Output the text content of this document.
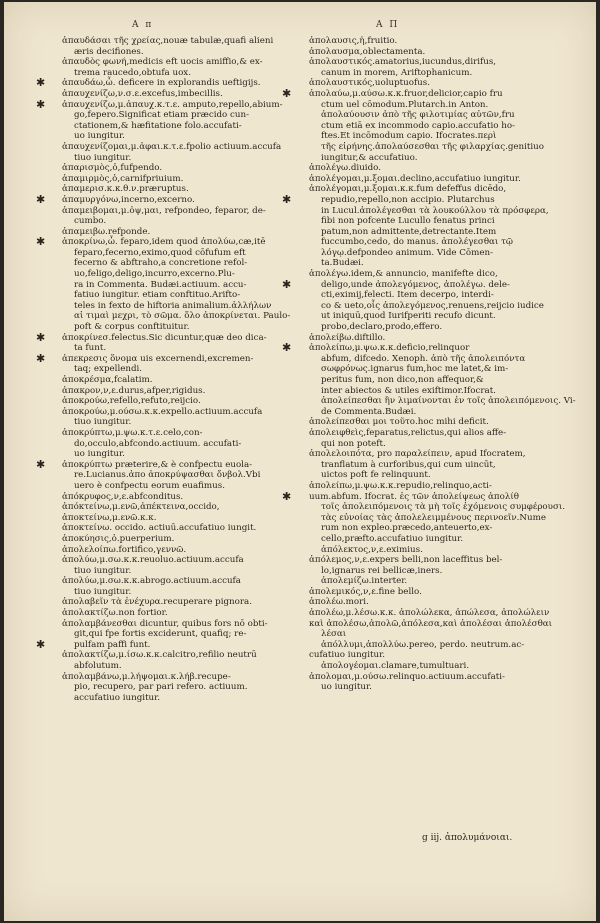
A π	A Π
ἀπαυδάσαι τῆς χρείας,nouæ tabulæ,quafi alieni
æris decifiones.
ἀπαυδὸς φωνή,medicis eft uocis amiffio,& ex-
trema raucedo,obtufa uox.
✱ ἀπαυδάω,ὦ. deficere in explorandis ueftigijs.
ἀπαυχενίζω,ν.σ.ε.excefus,imbecillis.
✱ ἀπαυχενίζω,μ.ἀπαυχ.κ.τ.ε. amputo,repello,abium-
go,fepero.Significat etiam præcido cun-
ctationem,& hæfitatione folo.accufati-
uo iungitur.
ἀπαυχενίζομαι,μ.ἀφαι.κ.τ.ε.fpolio actiuum.accufa
tiuo iungitur.
ἀπαρισμὸς,ὁ,fufpendo.
ἀπαμιρμὸς,ὁ,carnifpriuium.
ἀπαμερισ.κ.κ.θ.ν.præruptus.
✱ ἀπαμυργόνω,incerno,excerno.
ἀπαμειβομαι,μ.ὀψ,μαι, refpondeo, feparor, de-
cumbo.
ἀπαμειβω.refponde.
✱ ἀποκρίνω,ὦ. feparo,idem quod ἀπολύω,cæ,itē
feparo,fecerno,eximo,quod cōfufum eft
fecerno & abftraho,a concretione refol-
uo,feligo,deligo,incurro,excerno.Plu-
ra in Commenta. Budæi.actiuum. accu-
fatiuo iungitur. etiam conftituo.Arifto-
teles in fexto de hiftoria animalium.ἀλλήλων
αἱ τιμαὶ μεχρι, τὸ σῶμα. ὅλο ἀποκρίνεται. Paulo-
poft & corpus conftituitur.
✱ ἀποκρίνεσ.felectus.Sic dicuntur,quæ deo dica-
ta funt.
✱ ἀπεκρεσις ὅνομα uis excernendi,excremen-
taq; expellendi.
ἀποκρέσμα,fcalatim.
ἀπακρον,ν,ε.durus,afper,rigidus.
ἀποκρούω,refello,refuto,reijcio.
ἀποκρούω,μ.ούσω.κ.κ.expello.actiuum.accufa
tiuo iungitur.
ἀποκρύπτω,μ.ψω.κ.τ.ε.celo,con-
do,occulo,abfcondo.actiuum. accufati-
uo iungitur.
✱ ἀποκρύπτω præterire,& è confpectu euola-
re.Lucianus.ἀπο ἀποκρύψασθαι ὄνβολ.Vbi
uero è confpectu eorum euafimus.
ἀπόκρυφος,ν,ε.abfconditus.
ἀπόκτείνω,μ.ενῶ,ἀπέκτεινα,occido,
ἀποκτείνω,μ.ενῶ.κ.κ.
ἀποκτείνω. occido. actiuū.accufatiuo iungit.
ἀποκύησις,ὁ.puerperium.
ἀπολελοίπω.fortifico,γεννῶ.
ἀπολύω,μ.σω.κ.κ.reuoluo.actiuum.accufa
tiuo iungitur.
ἀπολύω,μ.σω.κ.κ.abrogo.actiuum.accufa
tiuo iungitur.
ἀπολαβεῖν τὰ ἐνέχυρα.recuperare pignora.
ἀπολακτίζω.non fortior.
ἀπολαμβάνεσθαι dicuntur, quibus fors nō obti-
git,qui fpe fortis exciderunt, quafiq; re-
✱	pulfam paffi funt.
ἀπολακτίζω,μ.ίσω.κ.κ.calcitro,refilio neutrū
abfolutum.
ἀπολαμβάνω,μ.λήψομαι.κ.λήβ.recupe-
pio, recupero, par pari refero. actiuum.
accufatiuo iungitur.
ἀπολαυσις,ἡ,fruitio.
ἀπολαυσμα,oblectamenta.
ἀπολαυστικός.amatorius,iucundus,dirifus,
canum in morem, Ariftophanicum.
ἀπολαυστικός,uoluptuofus.
✱ ἀπολαύω,μ.αύσω.κ.κ.fruor,delicior,capio fru
ctum uel cōmodum.Plutarch.in Anton.
ἀπολαύουσιν ἀπὸ τῆς φιλοτιμίας αὐτῶν,fru
ctum etiā ex incommodo capio.accufatio ho-
ftes.Et incōmodum capio. Ifocrates.περὶ
τῆς εἰρήνης.ἀπολαύσεσθαι τῆς φιλαρχίας.genitiuo
iungitur,& accufatiuo.
ἀπολέγω.diuido.
ἀπολέγομαι,μ.ξομαι.declino,accufatiuo iungitur.
ἀπολέγομαι,μ.ξομαι.κ.κ.fum defeffus dicēdo,
✱	repudio,repello,non accipio. Plutarchus
in Lucul.ἀπολέγεσθαι τὰ λουκούλλου τὰ πρόσφερα,
fibi non pofcente Lucullo fenatus princi
patum,non admittente,detrectante.Item
fuccumbo,cedo, do manus. ἀπολέγεσθαι τῷ
λόγῳ.defpondeo animum. Vide Cōmen-
ta.Budæi.
ἀπολέγω.idem,& annuncio, manifefte dico,
✱	deligo,unde ἀπολεγόμενος, ἀπολέγω. dele-
cti,eximij,felecti. Item decerpo, interdi-
co & ueto,οἷς ἀπολεγόμενος,renuens,reijcio iudice
ut iniquū,quod Iurifperiti recufo dicunt.
probo,declaro,prodo,effero.
ἀπολείβω.diftillo.
✱ ἀπολείπω,μ.ψω.κ.κ.deficio,relinquor
abfum, difcedo. Xenoph. ἀπὸ τῆς ἀπολειπόντα
σωφρόνως.ignarus fum,hoc me latet,& im-
peritus fum, non dico,non affequor,&
inter abiectos & utiles exiftimor.Ifocrat.
ἀπολείπεσθαι ἢν λιμαίνονται ἐν τοῖς ἀπολειπόμενοις. Vi-
de Commenta.Budæi.
ἀπολείπεσθαι μοι τοῦτο.hoc mihi deficit.
ἀπολειφθεὶς,feparatus,relictus,qui alios affe-
qui non poteft.
ἀπολελοιπότα, pro παραλείπειν, apud Ifocratem,
tranflatum à curforibus,qui cum uincūt,
uictos poft fe relinquunt.
ἀπολείπω,μ.ψω.κ.κ.repudio,relinquo,acti-
✱ uum.abfum. Ifocrat. ἐς τῶν ἀπολείψεως ἀπολίθ
τοῖς ἀπολειπόμενοις τὰ μὴ τοῖς ἐχόμενοις συμφέρουσι.
τὰς εὐνοίας τὰς ἀπολελειμμένους περινοεῖν.Nume
rum non expleo.præcedo,anteuerto,ex-
cello,præfto.accufatiuo iungitur.
ἀπόλεκτος,ν,ε.eximius.
ἀπόλεμος,ν,ε.expers belli,non laceffitus bel-
lo,ignarus rei bellicæ,iners.
ἀπολεμίζω.interter.
ἀπολεμικός,ν,ε.fine bello.
ἀπολέω.mori.
ἀπολέω,μ.λέσω.κ.κ. ἀπολώλεκα, ἀπώλεσα, ἀπολώλειν
καὶ ἀπολέσω,ἀπολῶ,ἀπόλεσα,καὶ ἀπολέσαι ἀπολέσθαι
λέσαι
ἀπόλλυμι,ἀπολλύω.pereo, perdo. neutrum.ac-
cufatiuo iungitur.
ἀπολογέομαι.clamare,tumultuari.
ἀπολομαι,μ.ούσω.relinquo.actiuum.accufati-
uo iungitur.
g iij. ἀπολυμάνοιαι.
